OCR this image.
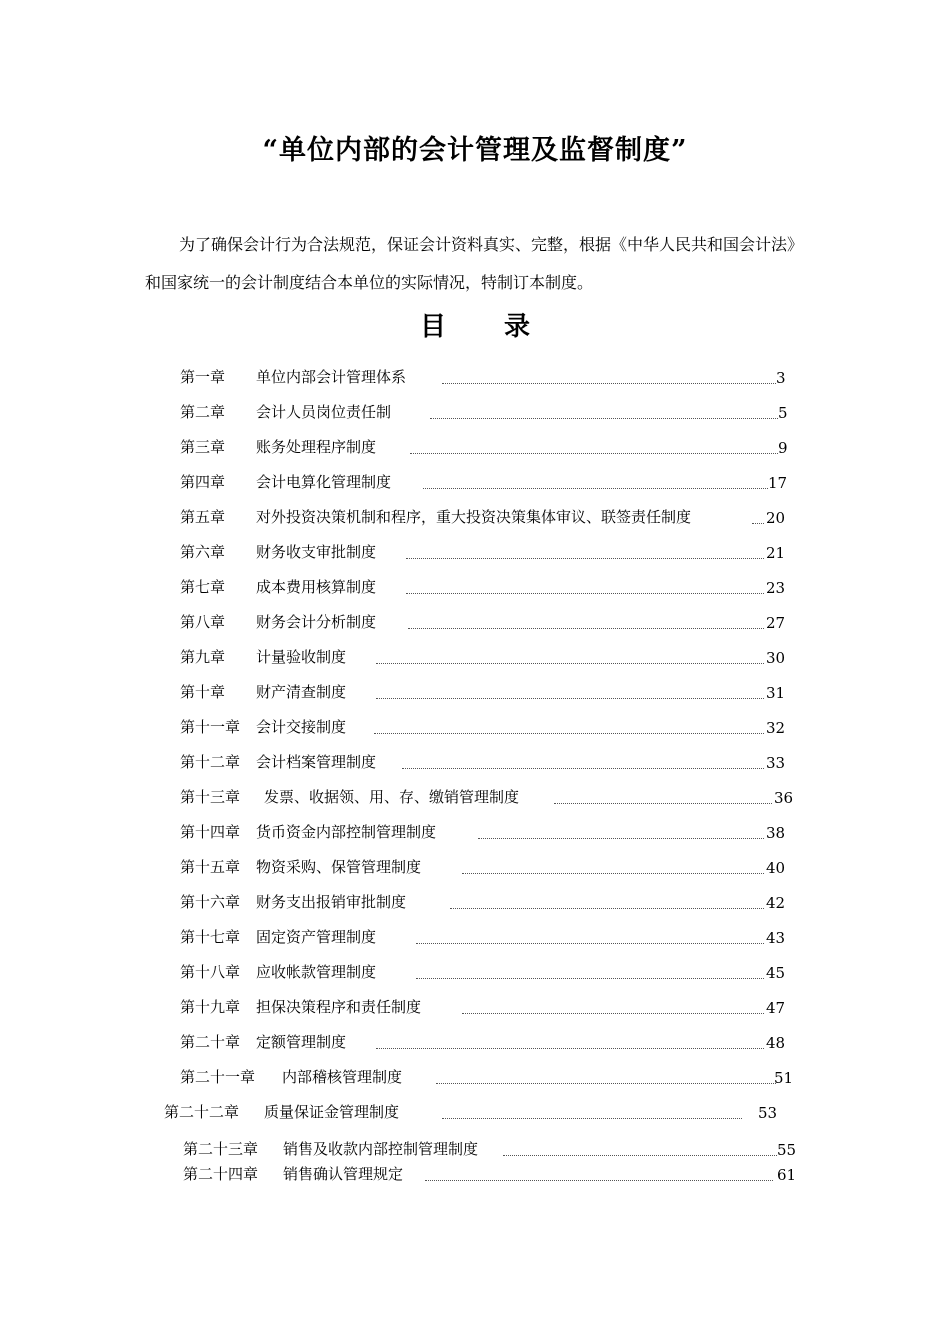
“单位内部的会计管理及监督制度”

为了确保会计行为合法规范，保证会计资料真实、完整，根据《中华人民共和国会计法》和国家统一的会计制度结合本单位的实际情况，特制订本制度。

目 录
第一章 单位内部会计管理体系	3
第二章 会计人员岗位责任制	5
第三章 账务处理程序制度	9
第四章 会计电算化管理制度	17
第五章 对外投资决策机制和程序，重大投资决策集体审议、联签责任制度	20
第六章 财务收支审批制度	21
第七章 成本费用核算制度	23
第八章 财务会计分析制度	27
第九章 计量验收制度	30
第十章 财产清查制度	31
第十一章 会计交接制度	32
第十二章 会计档案管理制度	33
第十三章 发票、收据领、用、存、缴销管理制度	36
第十四章 货币资金内部控制管理制度	38
第十五章 物资采购、保管管理制度	40
第十六章 财务支出报销审批制度	42
第十七章 固定资产管理制度	43
第十八章 应收帐款管理制度	45
第十九章 担保决策程序和责任制度	47
第二十章 定额管理制度	48
第二十一章 内部稽核管理制度	51
第二十二章 质量保证金管理制度	53
第二十三章 销售及收款内部控制管理制度	55
第二十四章 销售确认管理规定	61
